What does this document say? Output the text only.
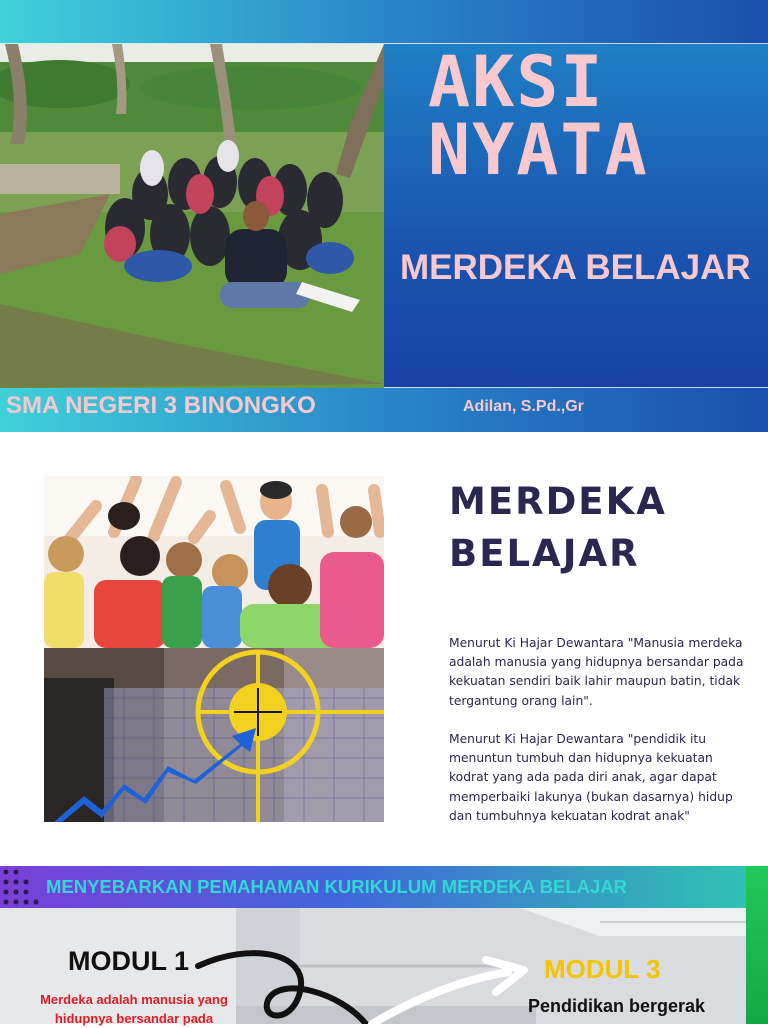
AKSI
NYATA
MERDEKA BELAJAR
SMA NEGERI 3 BINONGKO	Adilan, S.Pd.,Gr
MERDEKA
BELAJAR

Menurut Ki Hajar Dewantara "Manusia merdeka adalah manusia yang hidupnya bersandar pada kekuatan sendiri baik lahir maupun batin, tidak tergantung orang lain".

Menurut Ki Hajar Dewantara "pendidik itu menuntun tumbuh dan hidupnya kekuatan kodrat yang ada pada diri anak, agar dapat memperbaiki lakunya (bukan dasarnya) hidup dan tumbuhnya kekuatan kodrat anak"

MENYEBARKAN PEMAHAMAN KURIKULUM MERDEKA BELAJAR
MODUL 1

Merdeka adalah manusia yang hidupnya bersandar pada

MODUL 3

Pendidikan bergerak
